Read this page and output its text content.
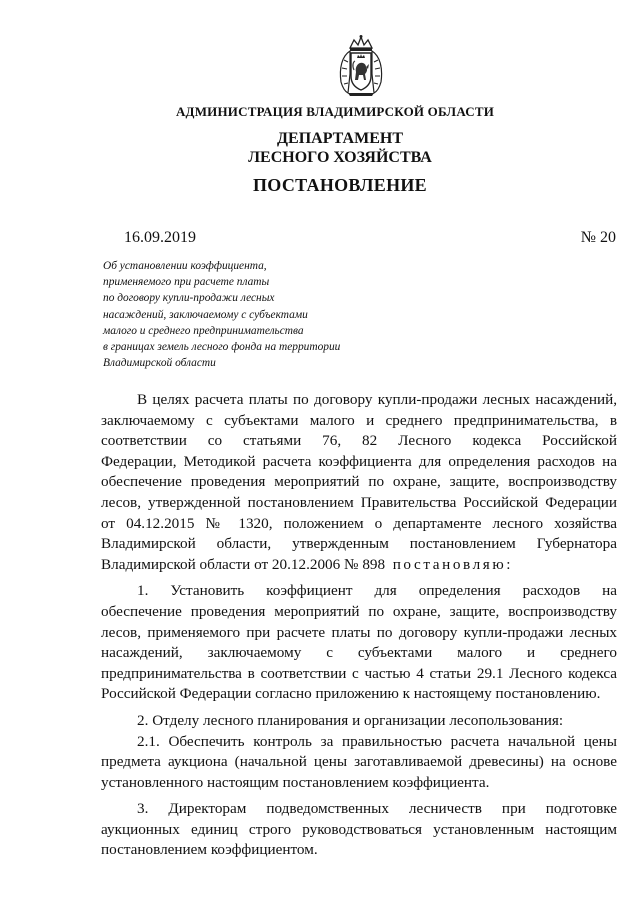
АДМИНИСТРАЦИЯ ВЛАДИМИРСКОЙ ОБЛАСТИ
ДЕПАРТАМЕНТ
ЛЕСНОГО ХОЗЯЙСТВА
ПОСТАНОВЛЕНИЕ
16.09.2019	№ 20
Об установлении коэффициента,
применяемого при расчете платы
по договору купли-продажи лесных
насаждений, заключаемому с субъектами
малого и среднего предпринимательства
в границах земель лесного фонда на территории
Владимирской области
В целях расчета платы по договору купли-продажи лесных насаждений,
заключаемому с субъектами малого и среднего предпринимательства, в
соответствии со статьями 76, 82 Лесного кодекса Российской
Федерации, Методикой расчета коэффициента для определения расходов на
обеспечение проведения мероприятий по охране, защите, воспроизводству
лесов, утвержденной постановлением Правительства Российской Федерации
от 04.12.2015 № 1320, положением о департаменте лесного хозяйства
Владимирской области, утвержденным постановлением Губернатора
Владимирской области от 20.12.2006 № 898 постановляю:
1. Установить коэффициент для определения расходов на
обеспечение проведения мероприятий по охране, защите, воспроизводству
лесов, применяемого при расчете платы по договору купли-продажи лесных
насаждений, заключаемому с субъектами малого и среднего
предпринимательства в соответствии с частью 4 статьи 29.1 Лесного кодекса
Российской Федерации согласно приложению к настоящему постановлению.
2. Отделу лесного планирования и организации лесопользования:
2.1. Обеспечить контроль за правильностью расчета начальной цены
предмета аукциона (начальной цены заготавливаемой древесины) на основе
установленного настоящим постановлением коэффициента.
3. Директорам подведомственных лесничеств при подготовке
аукционных единиц строго руководствоваться установленным настоящим
постановлением коэффициентом.
